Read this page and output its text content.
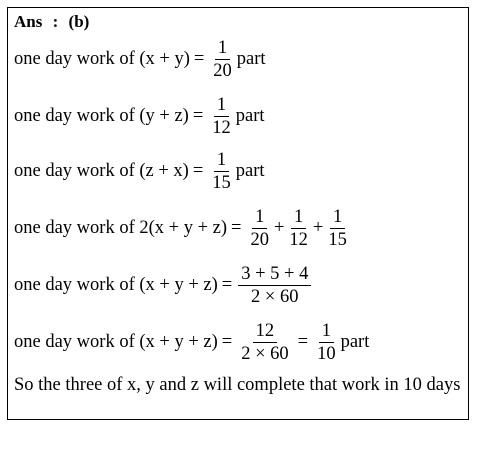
Ans : (b)
one day work of $(x + y) = \frac{1}{20}$ part
one day work of $(y + z) = \frac{1}{12}$ part
one day work of $(z + x) = \frac{1}{15}$ part
one day work of $2(x + y + z) = \frac{1}{20} + \frac{1}{12} + \frac{1}{15}$
one day work of $(x + y + z) = \frac{3 + 5 + 4}{2 \times 60}$
one day work of $(x + y + z) = \frac{12}{2 \times 60} = \frac{1}{10}$ part
So the three of x, y and z will complete that work in 10 days
